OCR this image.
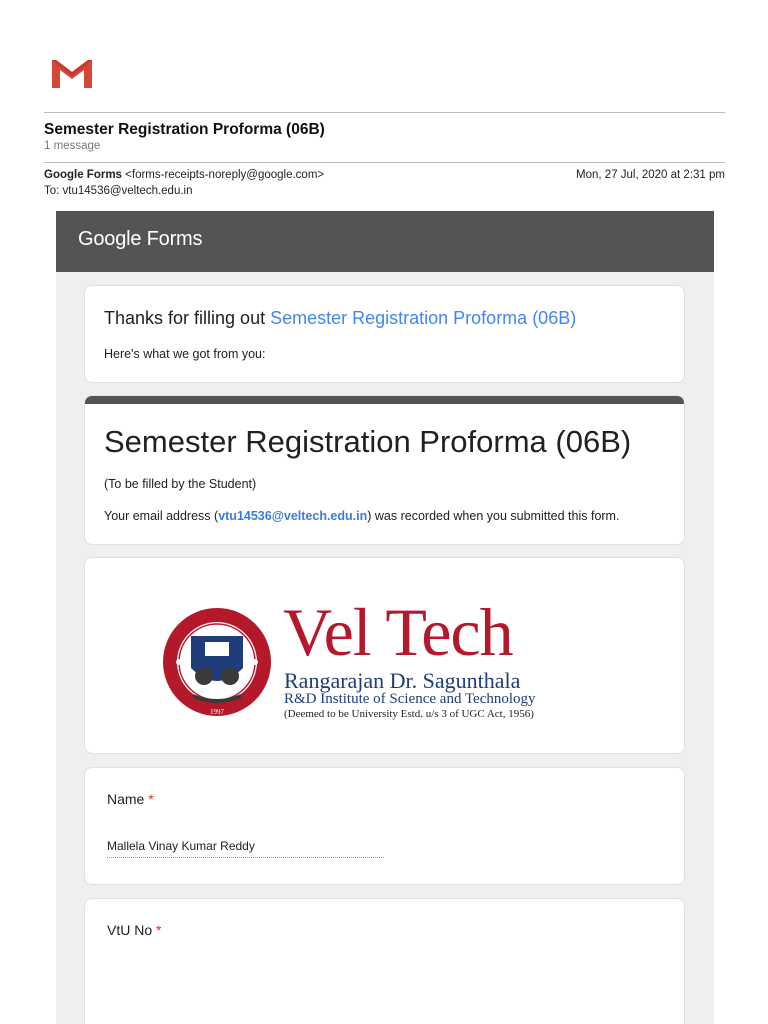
Semester Registration Proforma (06B)
1 message
Google Forms <forms-receipts-noreply@google.com>	Mon, 27 Jul, 2020 at 2:31 pm
To: vtu14536@veltech.edu.in
Google Forms
Thanks for filling out Semester Registration Proforma (06B)
Here's what we got from you:
Semester Registration Proforma (06B)
(To be filled by the Student)
Your email address (vtu14536@veltech.edu.in) was recorded when you submitted this form.
1997
Vel Tech
Rangarajan Dr. Sagunthala
R&D Institute of Science and Technology
(Deemed to be University Estd. u/s 3 of UGC Act, 1956)
Name *
Mallela Vinay Kumar Reddy
VtU No *
